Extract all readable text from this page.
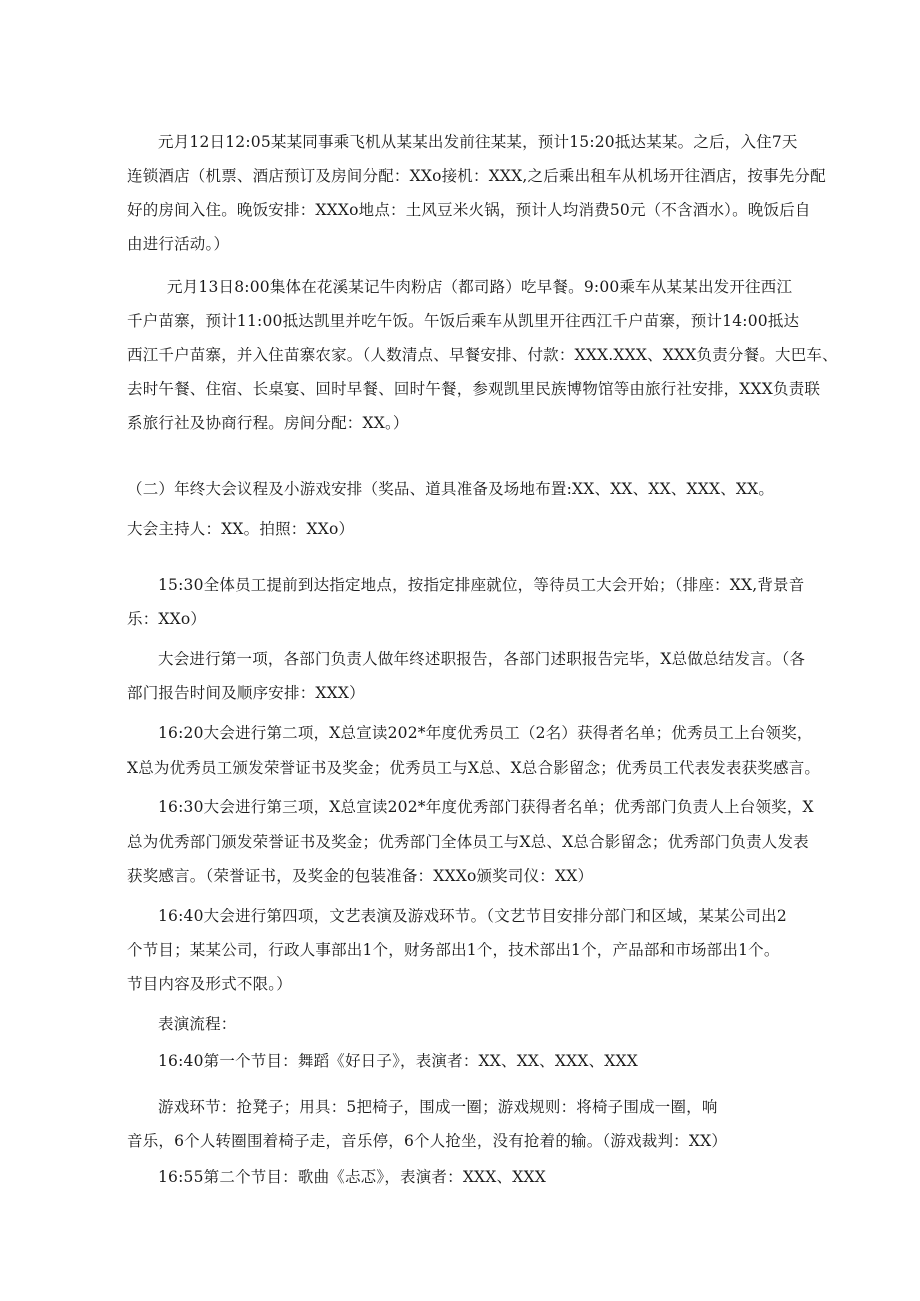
元月12日12:05某某同事乘飞机从某某出发前往某某，预计15:20抵达某某。之后，入住7天
连锁酒店（机票、酒店预订及房间分配：XXo接机：XXX,之后乘出租车从机场开往酒店，按事先分配
好的房间入住。晚饭安排：XXXo地点：土风豆米火锅，预计人均消费50元（不含酒水）。晚饭后自
由进行活动。）
元月13日8:00集体在花溪某记牛肉粉店（都司路）吃早餐。9:00乘车从某某出发开往西江
千户苗寨，预计11:00抵达凯里并吃午饭。午饭后乘车从凯里开往西江千户苗寨，预计14:00抵达
西江千户苗寨，并入住苗寨农家。（人数清点、早餐安排、付款：XXX.XXX、XXX负责分餐。大巴车、
去时午餐、住宿、长桌宴、回时早餐、回时午餐，参观凯里民族博物馆等由旅行社安排，XXX负责联
系旅行社及协商行程。房间分配：XX。）
（二）年终大会议程及小游戏安排（奖品、道具准备及场地布置:XX、XX、XX、XXX、XX。
大会主持人：XX。拍照：XXo）
15:30全体员工提前到达指定地点，按指定排座就位，等待员工大会开始；（排座：XX,背景音
乐：XXo）
大会进行第一项，各部门负责人做年终述职报告，各部门述职报告完毕，X总做总结发言。（各
部门报告时间及顺序安排：XXX）
16:20大会进行第二项，X总宣读202*年度优秀员工（2名）获得者名单；优秀员工上台领奖，
X总为优秀员工颁发荣誉证书及奖金；优秀员工与X总、X总合影留念；优秀员工代表发表获奖感言。
16:30大会进行第三项，X总宣读202*年度优秀部门获得者名单；优秀部门负责人上台领奖，X
总为优秀部门颁发荣誉证书及奖金；优秀部门全体员工与X总、X总合影留念；优秀部门负责人发表
获奖感言。（荣誉证书，及奖金的包装准备：XXXo颁奖司仪：XX）
16:40大会进行第四项，文艺表演及游戏环节。（文艺节目安排分部门和区域，某某公司出2
个节目；某某公司，行政人事部出1个，财务部出1个，技术部出1个，产品部和市场部出1个。
节目内容及形式不限。）
表演流程：
16:40第一个节目：舞蹈《好日子》，表演者：XX、XX、XXX、XXX
游戏环节：抢凳子；用具：5把椅子，围成一圈；游戏规则：将椅子围成一圈，响
音乐，6个人转圈围着椅子走，音乐停，6个人抢坐，没有抢着的输。（游戏裁判：XX）
16:55第二个节目：歌曲《忐忑》，表演者：XXX、XXX
